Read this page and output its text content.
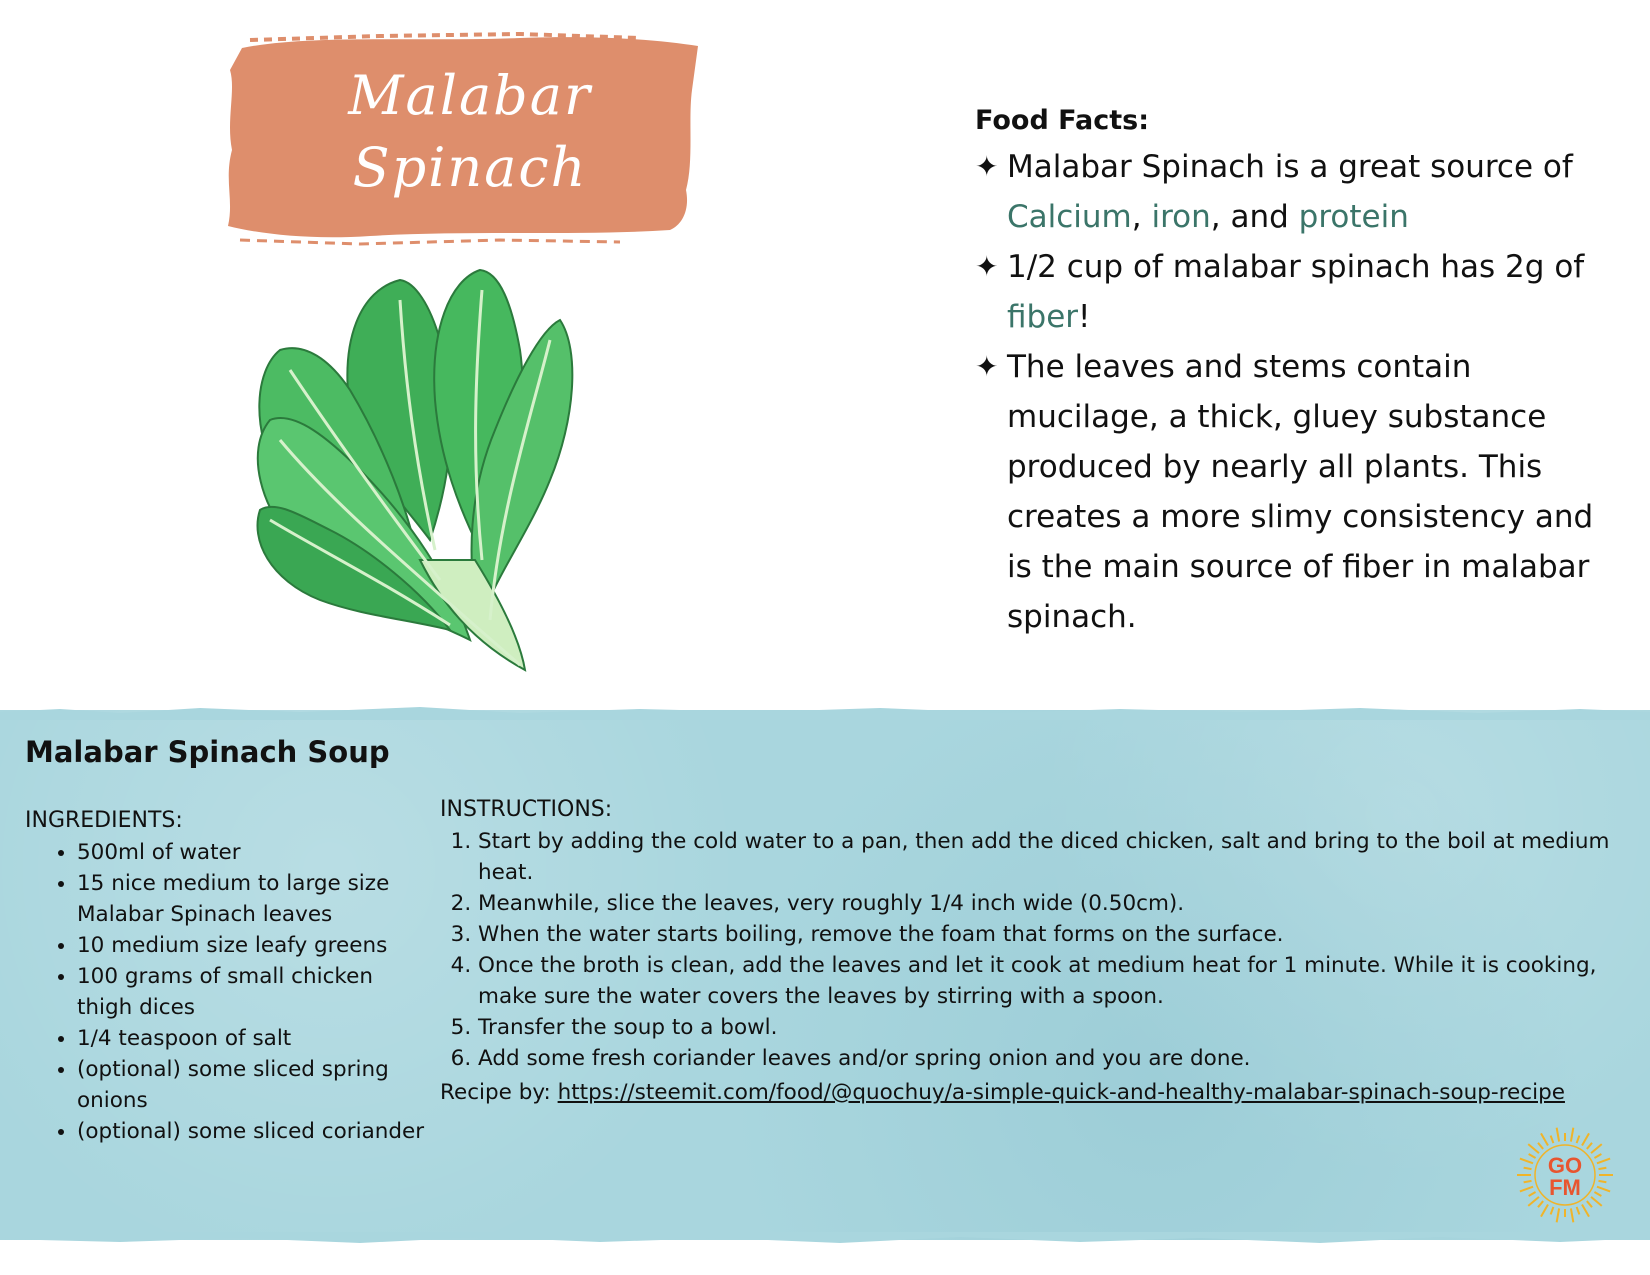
Malabar
Spinach

Food Facts:

✦ Malabar Spinach is a great source of Calcium, iron, and protein
✦ 1/2 cup of malabar spinach has 2g of fiber!
✦ The leaves and stems contain mucilage, a thick, gluey substance produced by nearly all plants. This creates a more slimy consistency and is the main source of fiber in malabar spinach.
Malabar Spinach Soup

INGREDIENTS:

• 500ml of water
• 15 nice medium to large size Malabar Spinach leaves
• 10 medium size leafy greens
• 100 grams of small chicken thigh dices
• 1/4 teaspoon of salt
• (optional) some sliced spring onions
• (optional) some sliced coriander

INSTRUCTIONS:

1. Start by adding the cold water to a pan, then add the diced chicken, salt and bring to the boil at medium heat.
2. Meanwhile, slice the leaves, very roughly 1/4 inch wide (0.50cm).
3. When the water starts boiling, remove the foam that forms on the surface.
4. Once the broth is clean, add the leaves and let it cook at medium heat for 1 minute. While it is cooking, make sure the water covers the leaves by stirring with a spoon.
5. Transfer the soup to a bowl.
6. Add some fresh coriander leaves and/or spring onion and you are done.
Recipe by: https://steemit.com/food/@quochuy/a-simple-quick-and-healthy-malabar-spinach-soup-recipe
GO
FM
